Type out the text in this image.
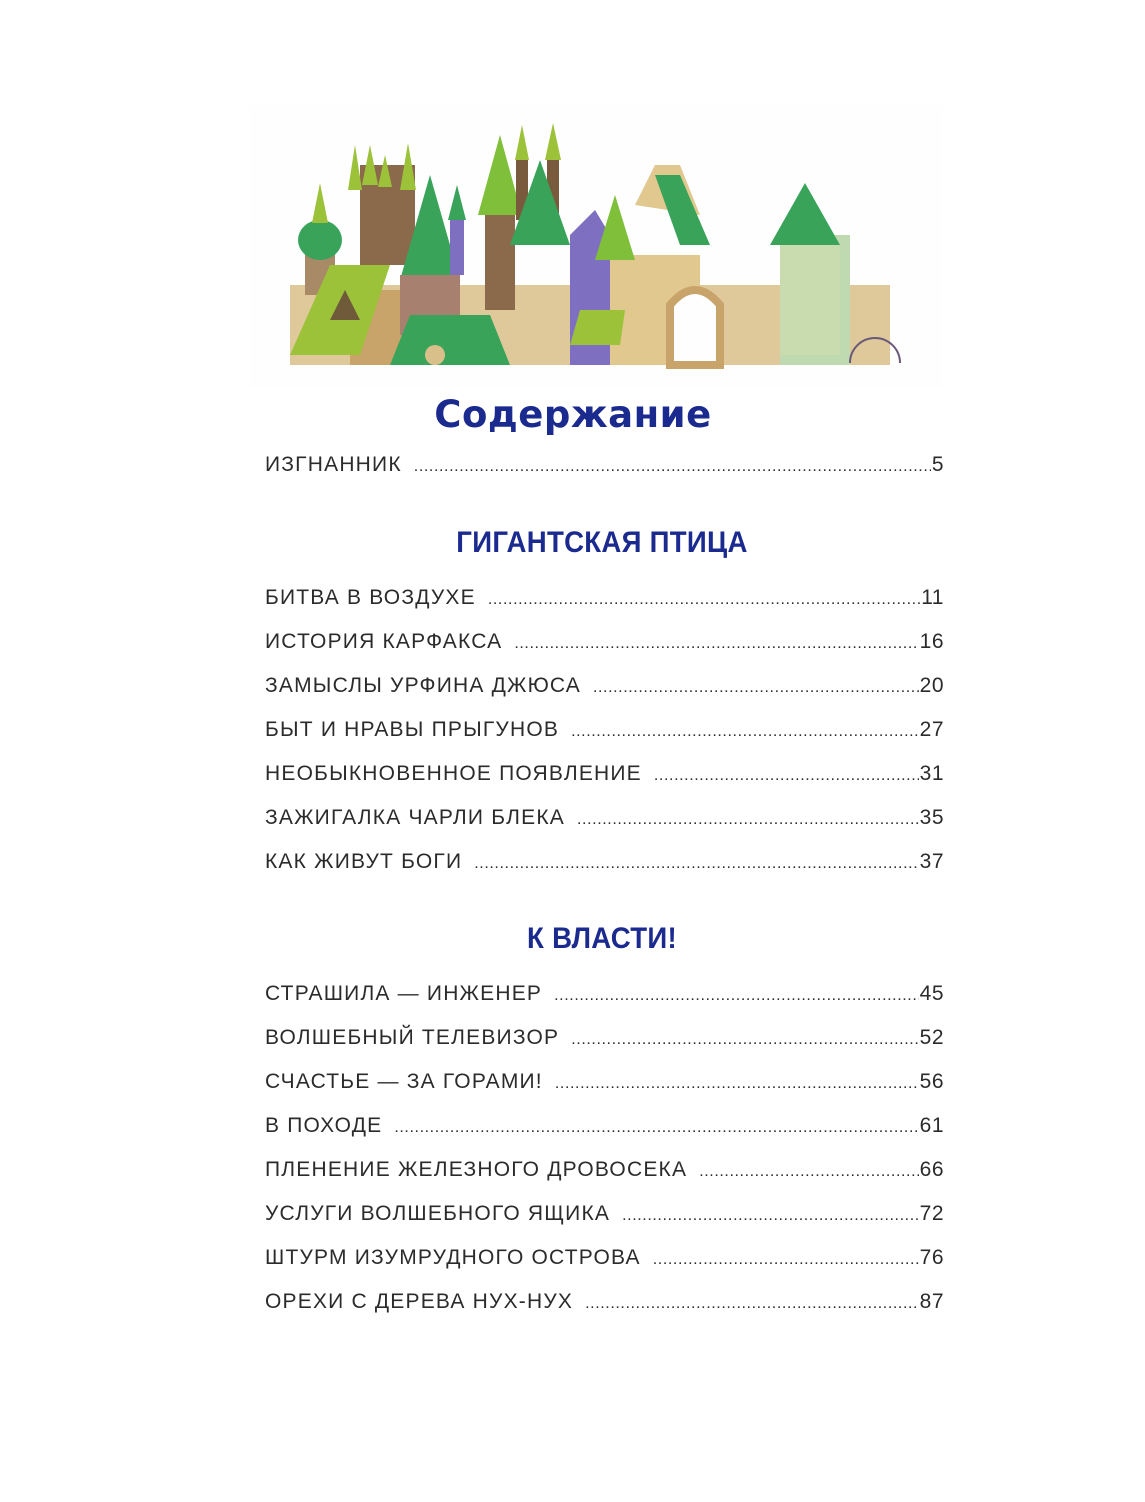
Содержание
ИЗГНАННИК .....	5
ГИГАНТСКАЯ ПТИЦА
БИТВА В ВОЗДУХЕ .....	11
ИСТОРИЯ КАРФАКСА .....	16
ЗАМЫСЛЫ УРФИНА ДЖЮСА .....	20
БЫТ И НРАВЫ ПРЫГУНОВ .....	27
НЕОБЫКНОВЕННОЕ ПОЯВЛЕНИЕ .....	31
ЗАЖИГАЛКА ЧАРЛИ БЛЕКА .....	35
КАК ЖИВУТ БОГИ .....	37
К ВЛАСТИ!
СТРАШИЛА — ИНЖЕНЕР .....	45
ВОЛШЕБНЫЙ ТЕЛЕВИЗОР .....	52
СЧАСТЬЕ — ЗА ГОРАМИ! .....	56
В ПОХОДЕ .....	61
ПЛЕНЕНИЕ ЖЕЛЕЗНОГО ДРОВОСЕКА .....	66
УСЛУГИ ВОЛШЕБНОГО ЯЩИКА .....	72
ШТУРМ ИЗУМРУДНОГО ОСТРОВА .....	76
ОРЕХИ С ДЕРЕВА НУХ-НУХ .....	87
